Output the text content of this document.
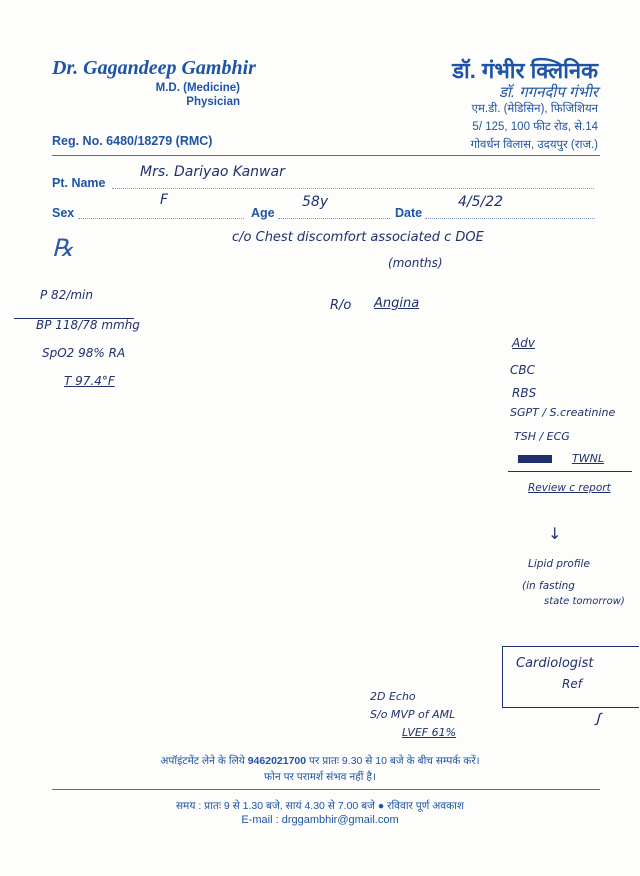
Dr. Gagandeep Gambhir
M.D. (Medicine)
Physician
डॉ. गंभीर क्लिनिक
डॉ. गगनदीप गंभीर
एम.डी. (मेडिसिन), फिजिशियन
5/ 125, 100 फीट रोड, से.14
गोवर्धन विलास, उदयपुर (राज.)
Reg. No. 6480/18279 (RMC)
Pt. Name
Mrs. Dariyao Kanwar
Sex
F
Age
58y
Date
4/5/22
℞	c/o Chest discomfort associated c DOE
(months)
R/o Angina
P 82/min
BP 118/78 mmhg
SpO2 98% RA
T 97.4°F
Adv
CBC
RBS
SGPT / S.creatinine
TSH / ECG
TWNL
Review c report
↓
Lipid profile
(in fasting
state tomorrow)
Cardiologist
Ref
ꭍ
2D Echo
S/o MVP of AML
LVEF 61%
अपॉइंटमेंट लेने के लिये 9462021700 पर प्रातः 9.30 से 10 बजे के बीच सम्पर्क करें।
फोन पर परामर्श संभव नहीं है।
समय : प्रातः 9 से 1.30 बजे, सायं 4.30 से 7.00 बजे ● रविवार पूर्ण अवकाश
E-mail : drggambhir@gmail.com
